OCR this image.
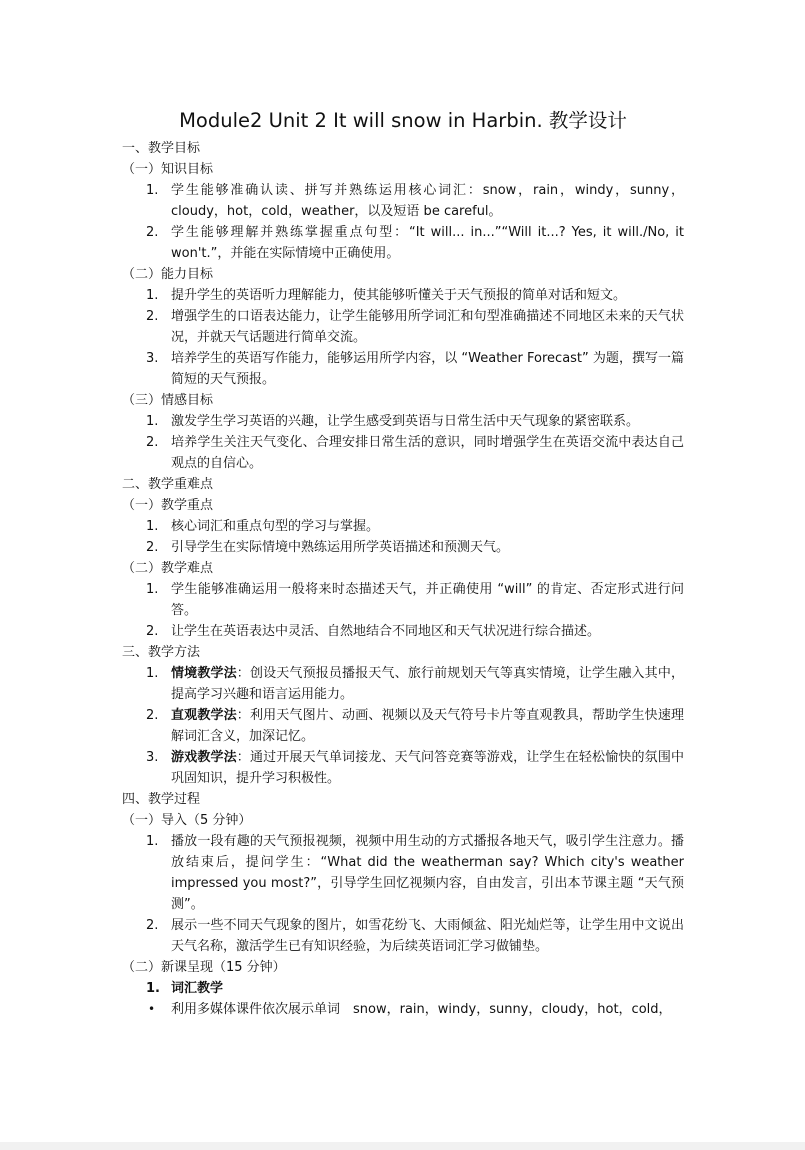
Module2 Unit 2 It will snow in Harbin. 教学设计
一、教学目标
（一）知识目标
1. 学生能够准确认读、拼写并熟练运用核心词汇：snow，rain，windy，sunny，cloudy，hot，cold，weather，以及短语 be careful。
2. 学生能够理解并熟练掌握重点句型：“It will... in...”“Will it...? Yes, it will./No, it won't.”，并能在实际情境中正确使用。
（二）能力目标
1. 提升学生的英语听力理解能力，使其能够听懂关于天气预报的简单对话和短文。
2. 增强学生的口语表达能力，让学生能够用所学词汇和句型准确描述不同地区未来的天气状况，并就天气话题进行简单交流。
3. 培养学生的英语写作能力，能够运用所学内容，以 “Weather Forecast” 为题，撰写一篇简短的天气预报。
（三）情感目标
1. 激发学生学习英语的兴趣，让学生感受到英语与日常生活中天气现象的紧密联系。
2. 培养学生关注天气变化、合理安排日常生活的意识，同时增强学生在英语交流中表达自己观点的自信心。
二、教学重难点
（一）教学重点
1. 核心词汇和重点句型的学习与掌握。
2. 引导学生在实际情境中熟练运用所学英语描述和预测天气。
（二）教学难点
1. 学生能够准确运用一般将来时态描述天气，并正确使用 “will” 的肯定、否定形式进行问答。
2. 让学生在英语表达中灵活、自然地结合不同地区和天气状况进行综合描述。
三、教学方法
1. 情境教学法：创设天气预报员播报天气、旅行前规划天气等真实情境，让学生融入其中，提高学习兴趣和语言运用能力。
2. 直观教学法：利用天气图片、动画、视频以及天气符号卡片等直观教具，帮助学生快速理解词汇含义，加深记忆。
3. 游戏教学法：通过开展天气单词接龙、天气问答竞赛等游戏，让学生在轻松愉快的氛围中巩固知识，提升学习积极性。
四、教学过程
（一）导入（5 分钟）
1. 播放一段有趣的天气预报视频，视频中用生动的方式播报各地天气，吸引学生注意力。播放结束后，提问学生：“What did the weatherman say? Which city's weather impressed you most?”，引导学生回忆视频内容，自由发言，引出本节课主题 “天气预测”。
2. 展示一些不同天气现象的图片，如雪花纷飞、大雨倾盆、阳光灿烂等，让学生用中文说出天气名称，激活学生已有知识经验，为后续英语词汇学习做铺垫。
（二）新课呈现（15 分钟）
1. 词汇教学
• 利用多媒体课件依次展示单词　snow，rain，windy，sunny，cloudy，hot，cold，
